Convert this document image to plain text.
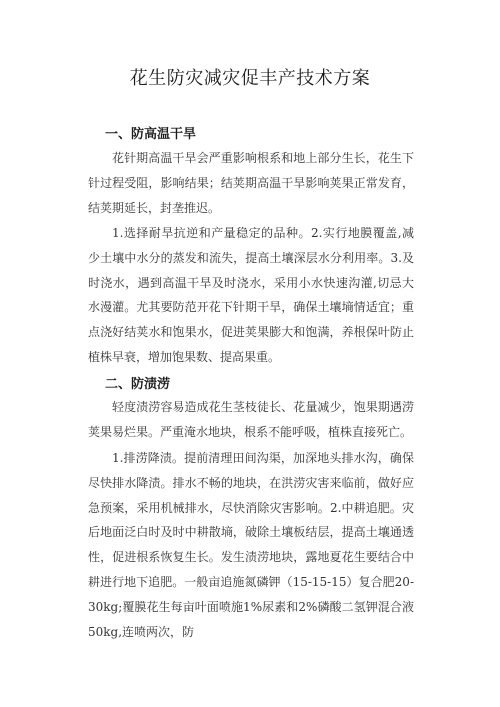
花生防灾减灾促丰产技术方案
一、防高温干旱
花针期高温干旱会严重影响根系和地上部分生长，花生下针过程受阻，影响结果；结荚期高温干旱影响荚果正常发育，结荚期延长，封垄推迟。
1.选择耐旱抗逆和产量稳定的品种。2.实行地膜覆盖,减少土壤中水分的蒸发和流失，提高土壤深层水分利用率。3.及时浇水，遇到高温干旱及时浇水，采用小水快速沟灌,切忌大水漫灌。尤其要防范开花下针期干旱，确保土壤墒情适宜；重点浇好结荚水和饱果水，促进荚果膨大和饱满，养根保叶防止植株早衰，增加饱果数、提高果重。
二、防渍涝
轻度渍涝容易造成花生茎枝徒长、花量减少，饱果期遇涝荚果易烂果。严重淹水地块，根系不能呼吸，植株直接死亡。
1.排涝降渍。提前清理田间沟渠，加深地头排水沟，确保尽快排水降渍。排水不畅的地块，在洪涝灾害来临前，做好应急预案，采用机械排水，尽快消除灾害影响。2.中耕追肥。灾后地面泛白时及时中耕散墒，破除土壤板结层，提高土壤通透性，促进根系恢复生长。发生渍涝地块，露地夏花生要结合中耕进行地下追肥。一般亩追施氮磷钾（15-15-15）复合肥20-30kg;覆膜花生每亩叶面喷施1%尿素和2%磷酸二氢钾混合液50kg,连喷两次，防
